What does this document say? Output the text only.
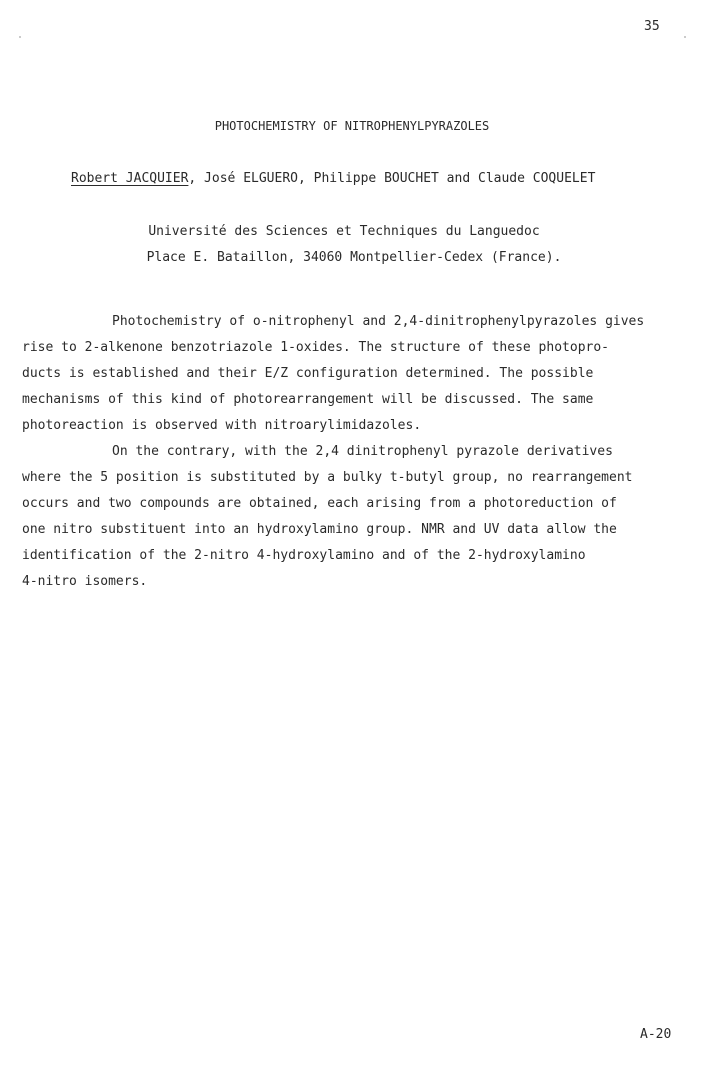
35
PHOTOCHEMISTRY OF NITROPHENYLPYRAZOLES
Robert JACQUIER, José ELGUERO, Philippe BOUCHET and Claude COQUELET
Université des Sciences et Techniques du Languedoc
Place E. Bataillon, 34060 Montpellier-Cedex (France).
Photochemistry of o-nitrophenyl and 2,4-dinitrophenylpyrazoles gives
rise to 2-alkenone benzotriazole 1-oxides. The structure of these photopro-
ducts is established and their E/Z configuration determined. The possible
mechanisms of this kind of photorearrangement will be discussed. The same
photoreaction is observed with nitroarylimidazoles.
On the contrary, with the 2,4 dinitrophenyl pyrazole derivatives
where the 5 position is substituted by a bulky t-butyl group, no rearrangement
occurs and two compounds are obtained, each arising from a photoreduction of
one nitro substituent into an hydroxylamino group. NMR and UV data allow the
identification of the 2-nitro 4-hydroxylamino and of the 2-hydroxylamino
4-nitro isomers.
A-20
